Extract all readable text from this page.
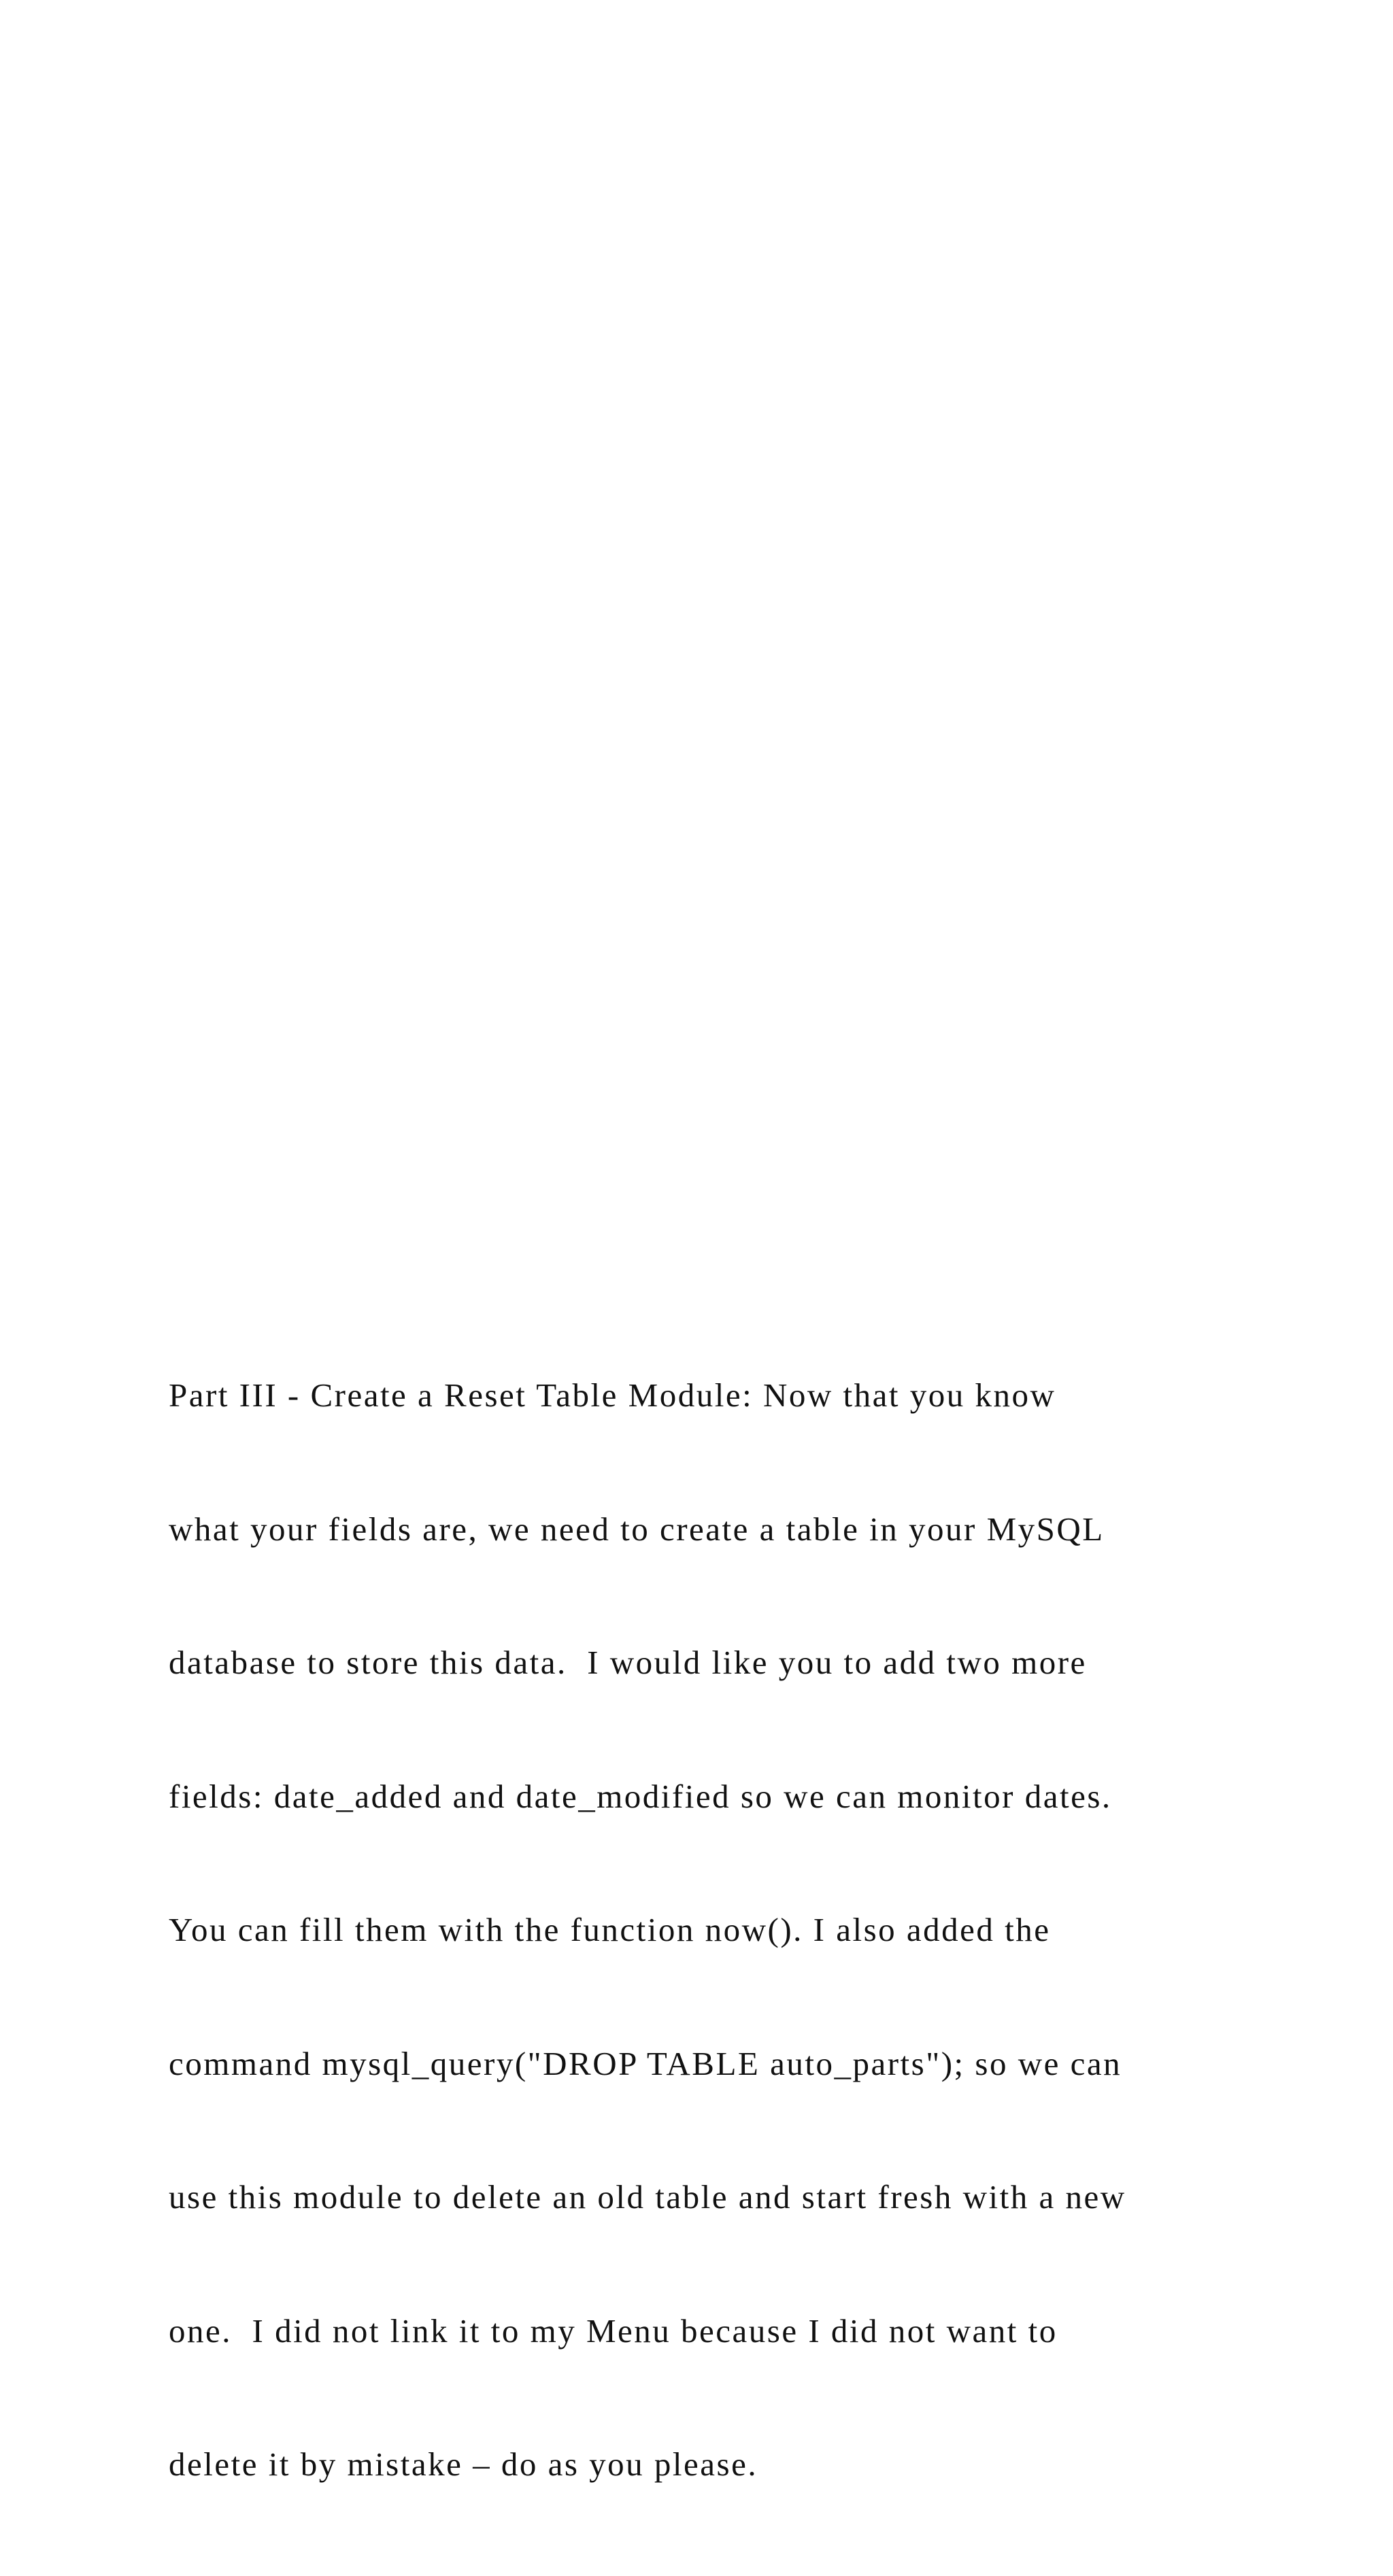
Part III - Create a Reset Table Module: Now that you know

what your fields are, we need to create a table in your MySQL

database to store this data.  I would like you to add two more

fields: date_added and date_modified so we can monitor dates.

You can fill them with the function now(). I also added the

command mysql_query("DROP TABLE auto_parts"); so we can

use this module to delete an old table and start fresh with a new

one.  I did not link it to my Menu because I did not want to

delete it by mistake – do as you please.
